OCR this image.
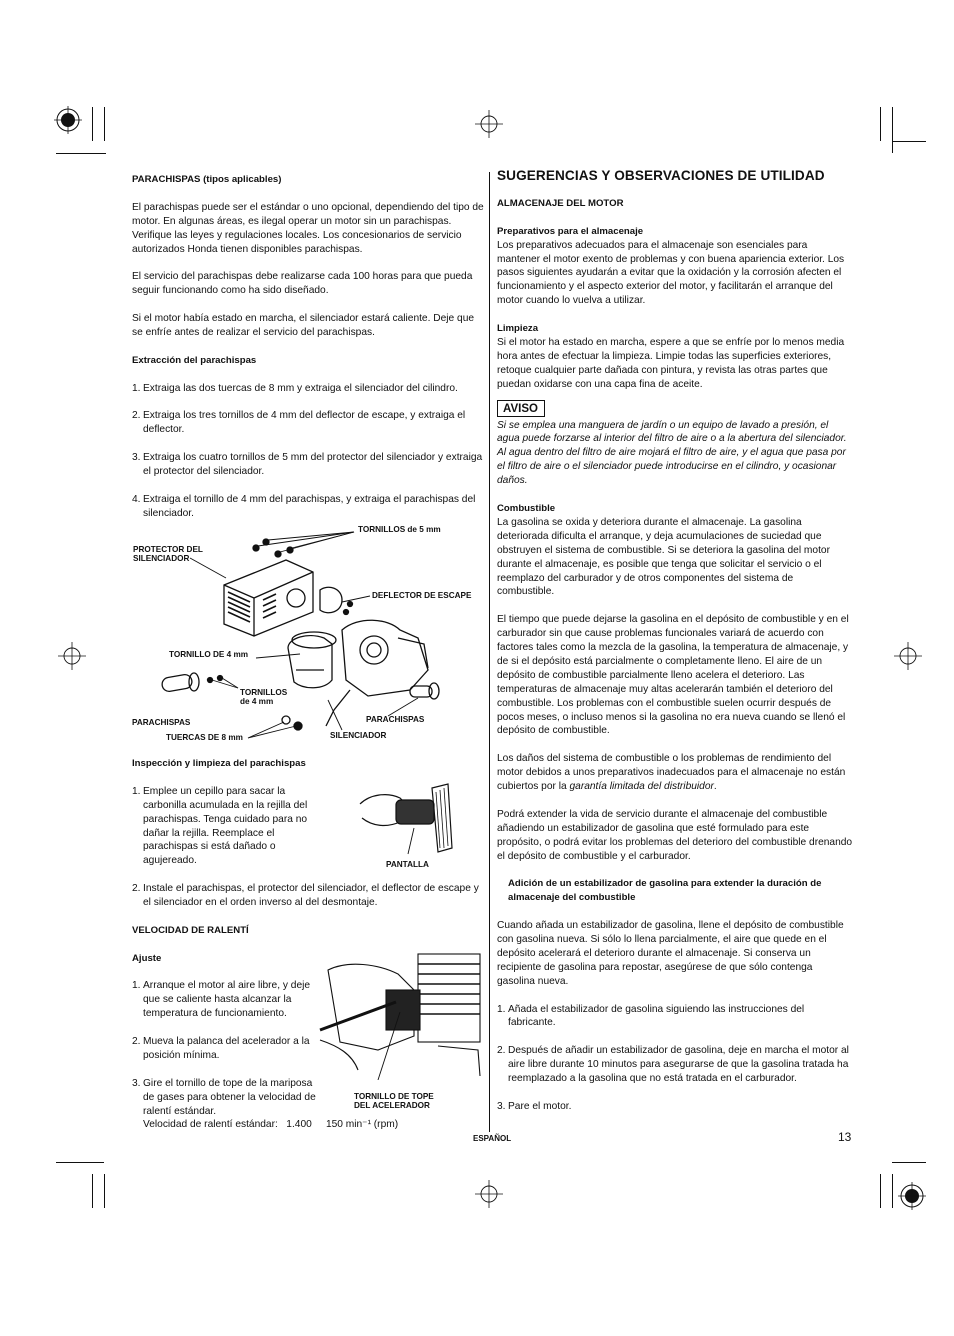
PARACHISPAS (tipos aplicables)

El parachispas puede ser el estándar o uno opcional, dependiendo del tipo de motor. En algunas áreas, es ilegal operar un motor sin un parachispas. Verifique las leyes y regulaciones locales. Los concesionarios de servicio autorizados Honda tienen disponibles parachispas.

El servicio del parachispas debe realizarse cada 100 horas para que pueda seguir funcionando como ha sido diseñado.

Si el motor había estado en marcha, el silenciador estará caliente. Deje que se enfríe antes de realizar el servicio del parachispas.

Extracción del parachispas
1. Extraiga las dos tuercas de 8 mm y extraiga el silenciador del cilindro.
2. Extraiga los tres tornillos de 4 mm del deflector de escape, y extraiga el deflector.
3. Extraiga los cuatro tornillos de 5 mm del protector del silenciador y extraiga el protector del silenciador.
4. Extraiga el tornillo de 4 mm del parachispas, y extraiga el parachispas del silenciador.
TORNILLOS de 5 mm
PROTECTOR DEL
SILENCIADOR
DEFLECTOR DE ESCAPE
TORNILLO DE 4 mm
TORNILLOS
de 4 mm
PARACHISPAS	PARACHISPAS
TUERCAS DE 8 mm	SILENCIADOR
Inspección y limpieza del parachispas
1. Emplee un cepillo para sacar la carbonilla acumulada en la rejilla del parachispas. Tenga cuidado para no dañar la rejilla. Reemplace el parachispas si está dañado o agujereado.
2. Instale el parachispas, el protector del silenciador, el deflector de escape y el silenciador en el orden inverso al del desmontaje.
VELOCIDAD DE RALENTÍ
Ajuste
1. Arranque el motor al aire libre, y deje que se caliente hasta alcanzar la temperatura de funcionamiento.
2. Mueva la palanca del acelerador a la posición mínima.
3. Gire el tornillo de tope de la mariposa de gases para obtener la velocidad de ralentí estándar.
Velocidad de ralentí estándar: 1.400     150 min⁻¹ (rpm)
PANTALLA
TORNILLO DE TOPE
DEL ACELERADOR
SUGERENCIAS Y OBSERVACIONES DE UTILIDAD
ALMACENAJE DEL MOTOR
Preparativos para el almacenaje

Los preparativos adecuados para el almacenaje son esenciales para mantener el motor exento de problemas y con buena apariencia exterior. Los pasos siguientes ayudarán a evitar que la oxidación y la corrosión afecten el funcionamiento y el aspecto exterior del motor, y facilitarán el arranque del motor cuando lo vuelva a utilizar.

Limpieza

Si el motor ha estado en marcha, espere a que se enfríe por lo menos media hora antes de efectuar la limpieza. Limpie todas las superficies exteriores, retoque cualquier parte dañada con pintura, y revista las otras partes que puedan oxidarse con una capa fina de aceite.

AVISO

Si se emplea una manguera de jardín o un equipo de lavado a presión, el agua puede forzarse al interior del filtro de aire o a la abertura del silenciador. Al agua dentro del filtro de aire mojará el filtro de aire, y el agua que pasa por el filtro de aire o el silenciador puede introducirse en el cilindro, y ocasionar daños.

Combustible

La gasolina se oxida y deteriora durante el almacenaje. La gasolina deteriorada dificulta el arranque, y deja acumulaciones de suciedad que obstruyen el sistema de combustible. Si se deteriora la gasolina del motor durante el almacenaje, es posible que tenga que solicitar el servicio o el reemplazo del carburador y de otros componentes del sistema de combustible.

El tiempo que puede dejarse la gasolina en el depósito de combustible y en el carburador sin que cause problemas funcionales variará de acuerdo con factores tales como la mezcla de la gasolina, la temperatura de almacenaje, y de si el depósito está parcialmente o completamente lleno. El aire de un depósito de combustible parcialmente lleno acelera el deterioro. Las temperaturas de almacenaje muy altas acelerarán también el deterioro del combustible. Los problemas con el combustible suelen ocurrir después de pocos meses, o incluso menos si la gasolina no era nueva cuando se llenó el depósito de combustible.

Los daños del sistema de combustible o los problemas de rendimiento del motor debidos a unos preparativos inadecuados para el almacenaje no están cubiertos por la garantía limitada del distribuidor.

Podrá extender la vida de servicio durante el almacenaje del combustible añadiendo un estabilizador de gasolina que esté formulado para este propósito, o podrá evitar los problemas del deterioro del combustible drenando el depósito de combustible y el carburador.

Adición de un estabilizador de gasolina para extender la duración de almacenaje del combustible

Cuando añada un estabilizador de gasolina, llene el depósito de combustible con gasolina nueva. Si sólo lo llena parcialmente, el aire que quede en el depósito acelerará el deterioro durante el almacenaje. Si conserva un recipiente de gasolina para repostar, asegúrese de que sólo contenga gasolina nueva.

1. Añada el estabilizador de gasolina siguiendo las instrucciones del fabricante.
2. Después de añadir un estabilizador de gasolina, deje en marcha el motor al aire libre durante 10 minutos para asegurarse de que la gasolina tratada ha reemplazado a la gasolina que no está tratada en el carburador.
3. Pare el motor.
ESPAÑOL	13
